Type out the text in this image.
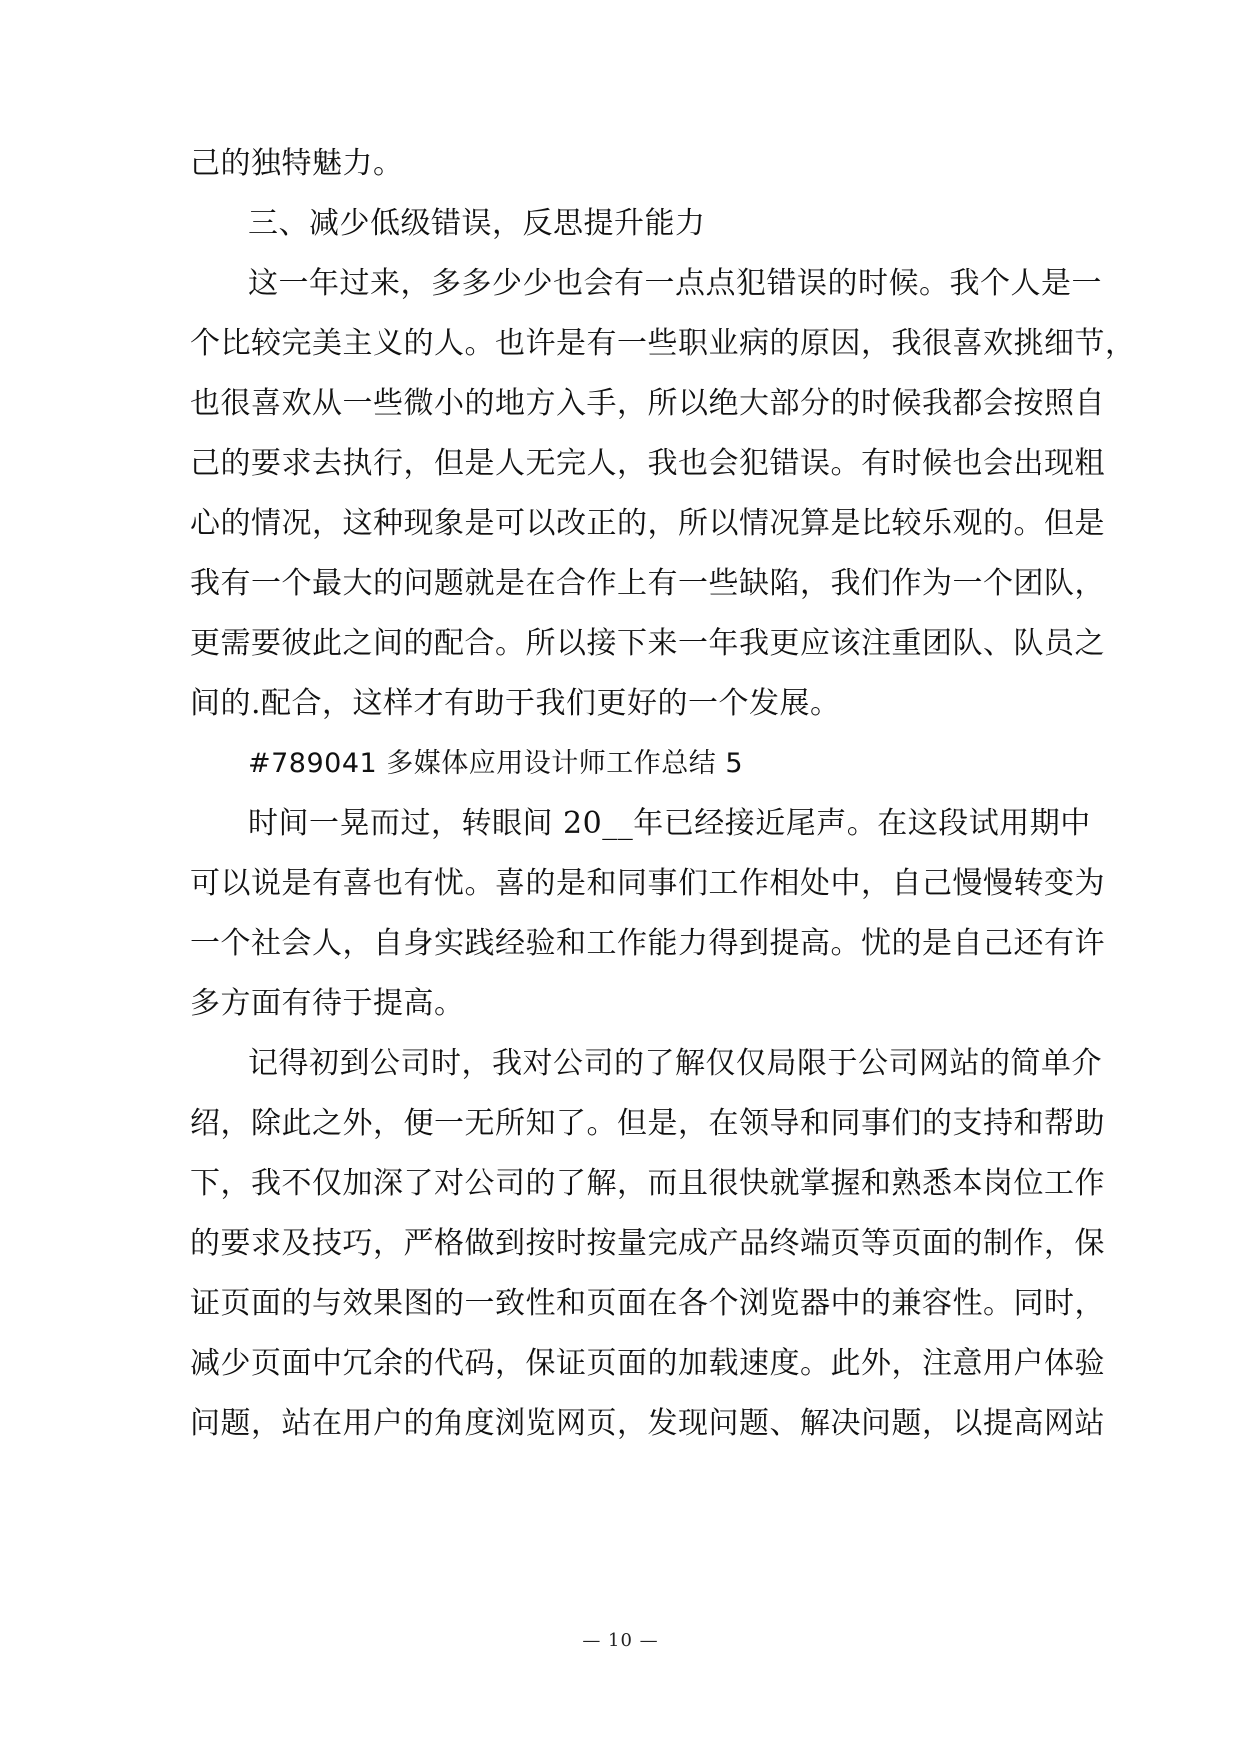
己的独特魅力。
三、减少低级错误，反思提升能力
这一年过来，多多少少也会有一点点犯错误的时候。我个人是一
个比较完美主义的人。也许是有一些职业病的原因，我很喜欢挑细节，
也很喜欢从一些微小的地方入手，所以绝大部分的时候我都会按照自
己的要求去执行，但是人无完人，我也会犯错误。有时候也会出现粗
心的情况，这种现象是可以改正的，所以情况算是比较乐观的。但是
我有一个最大的问题就是在合作上有一些缺陷，我们作为一个团队，
更需要彼此之间的配合。所以接下来一年我更应该注重团队、队员之
间的.配合，这样才有助于我们更好的一个发展。
#789041 多媒体应用设计师工作总结 5
时间一晃而过，转眼间 20__年已经接近尾声。在这段试用期中
可以说是有喜也有忧。喜的是和同事们工作相处中，自己慢慢转变为
一个社会人，自身实践经验和工作能力得到提高。忧的是自己还有许
多方面有待于提高。
记得初到公司时，我对公司的了解仅仅局限于公司网站的简单介
绍，除此之外，便一无所知了。但是，在领导和同事们的支持和帮助
下，我不仅加深了对公司的了解，而且很快就掌握和熟悉本岗位工作
的要求及技巧，严格做到按时按量完成产品终端页等页面的制作，保
证页面的与效果图的一致性和页面在各个浏览器中的兼容性。同时，
减少页面中冗余的代码，保证页面的加载速度。此外，注意用户体验
问题，站在用户的角度浏览网页，发现问题、解决问题，以提高网站
— 10 —
